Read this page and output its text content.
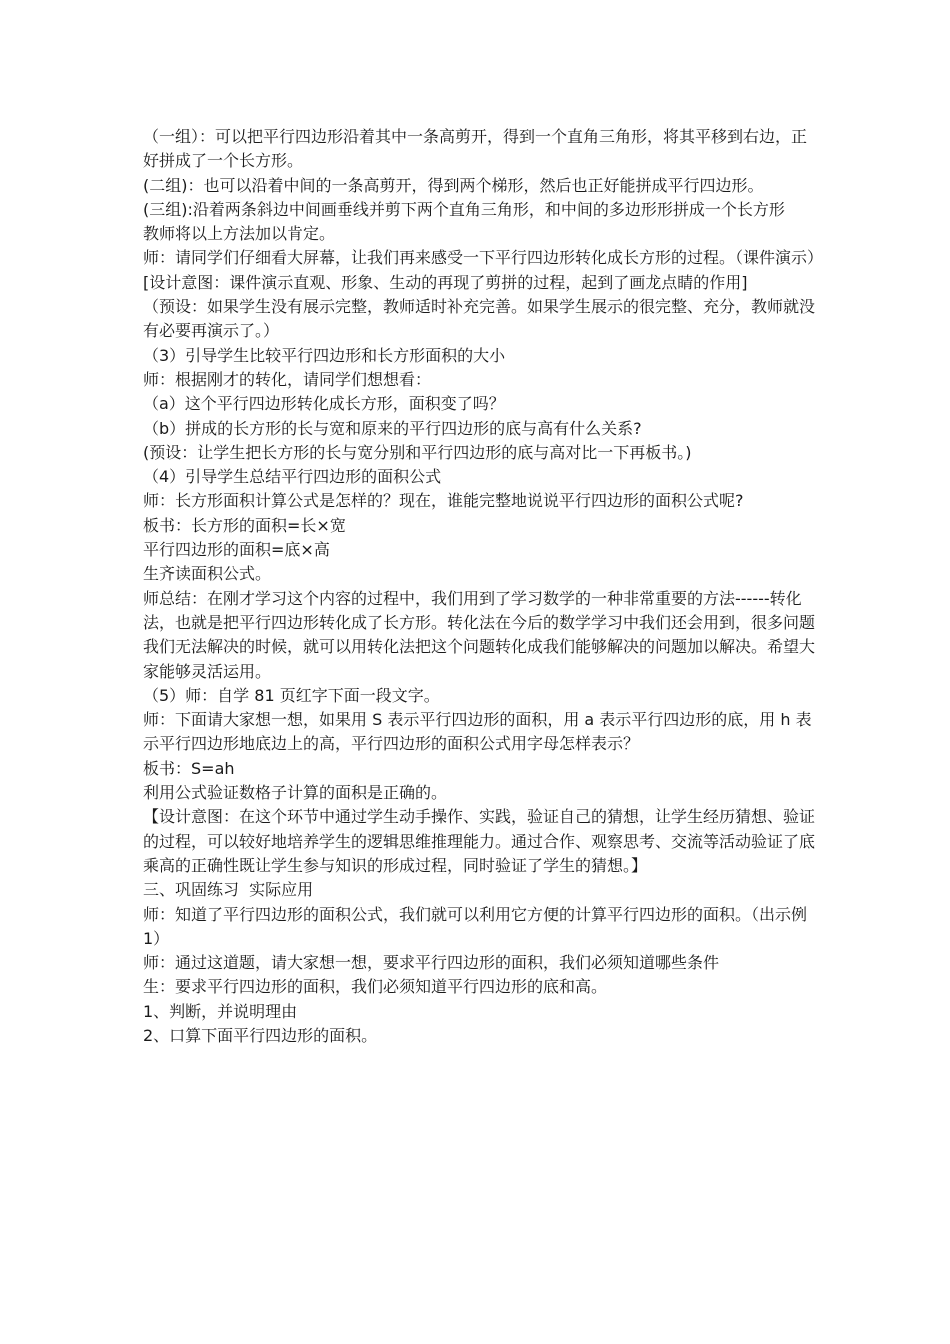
（一组）：可以把平行四边形沿着其中一条高剪开，得到一个直角三角形，将其平移到右边，正好拼成了一个长方形。

(二组)：也可以沿着中间的一条高剪开，得到两个梯形，然后也正好能拼成平行四边形。

(三组):沿着两条斜边中间画垂线并剪下两个直角三角形，和中间的多边形形拼成一个长方形

教师将以上方法加以肯定。

师：请同学们仔细看大屏幕，让我们再来感受一下平行四边形转化成长方形的过程。（课件演示）

[设计意图：课件演示直观、形象、生动的再现了剪拼的过程，起到了画龙点睛的作用]

（预设：如果学生没有展示完整，教师适时补充完善。如果学生展示的很完整、充分，教师就没有必要再演示了。）

（3）引导学生比较平行四边形和长方形面积的大小

师：根据刚才的转化，请同学们想想看：

（a）这个平行四边形转化成长方形，面积变了吗？

（b）拼成的长方形的长与宽和原来的平行四边形的底与高有什么关系?

(预设：让学生把长方形的长与宽分别和平行四边形的底与高对比一下再板书。)

（4）引导学生总结平行四边形的面积公式

师：长方形面积计算公式是怎样的？现在，谁能完整地说说平行四边形的面积公式呢?

板书：长方形的面积=长×宽

平行四边形的面积=底×高

生齐读面积公式。

师总结：在刚才学习这个内容的过程中，我们用到了学习数学的一种非常重要的方法------转化法，也就是把平行四边形转化成了长方形。转化法在今后的数学学习中我们还会用到，很多问题我们无法解决的时候，就可以用转化法把这个问题转化成我们能够解决的问题加以解决。希望大家能够灵活运用。

（5）师：自学 81 页红字下面一段文字。

师：下面请大家想一想，如果用 S 表示平行四边形的面积，用 a 表示平行四边形的底，用 h 表示平行四边形地底边上的高，平行四边形的面积公式用字母怎样表示？

板书：S=ah

利用公式验证数格子计算的面积是正确的。

【设计意图：在这个环节中通过学生动手操作、实践，验证自己的猜想，让学生经历猜想、验证的过程，可以较好地培养学生的逻辑思维推理能力。通过合作、观察思考、交流等活动验证了底乘高的正确性既让学生参与知识的形成过程，同时验证了学生的猜想。】

三、巩固练习  实际应用

师：知道了平行四边形的面积公式，我们就可以利用它方便的计算平行四边形的面积。（出示例 1）

师：通过这道题，请大家想一想，要求平行四边形的面积，我们必须知道哪些条件

生：要求平行四边形的面积，我们必须知道平行四边形的底和高。

1、判断，并说明理由

2、口算下面平行四边形的面积。
